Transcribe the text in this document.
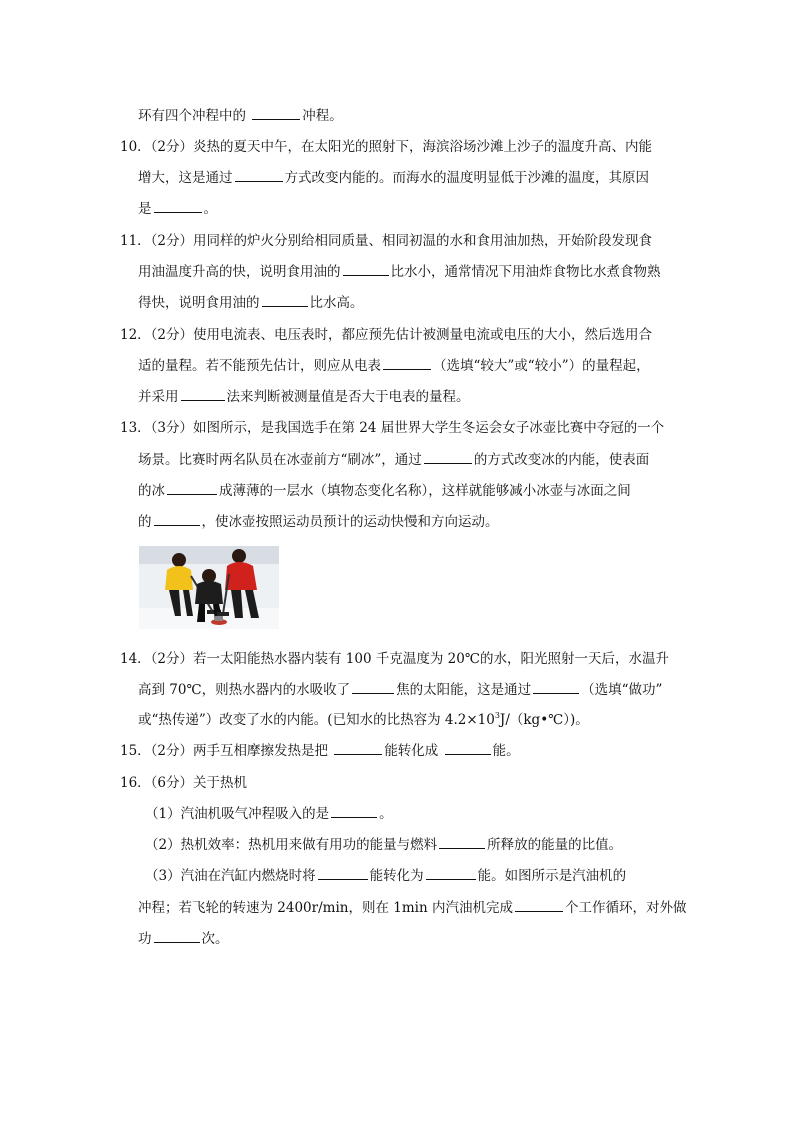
环有四个冲程中的	冲程。
10．（2分）炎热的夏天中午，在太阳光的照射下，海滨浴场沙滩上沙子的温度升高、内能
增大，这是通过	方式改变内能的。而海水的温度明显低于沙滩的温度，其原因
是	。
11．（2分）用同样的炉火分别给相同质量、相同初温的水和食用油加热，开始阶段发现食
用油温度升高的快，说明食用油的	比水小，通常情况下用油炸食物比水煮食物熟
得快，说明食用油的	比水高。
12．（2分）使用电流表、电压表时，都应预先估计被测量电流或电压的大小，然后选用合
适的量程。若不能预先估计，则应从电表	（选填“较大”或“较小”）的量程起，
并采用	法来判断被测量值是否大于电表的量程。
13．（3分）如图所示，是我国选手在第 24 届世界大学生冬运会女子冰壶比赛中夺冠的一个
场景。比赛时两名队员在冰壶前方“刷冰”，通过	的方式改变冰的内能，使表面
的冰	成薄薄的一层水（填物态变化名称），这样就能够减小冰壶与冰面之间
的	，使冰壶按照运动员预计的运动快慢和方向运动。
14．（2分）若一太阳能热水器内装有 100 千克温度为 20℃的水，阳光照射一天后，水温升
高到 70℃，则热水器内的水吸收了	焦的太阳能，这是通过	（选填“做功”
或“热传递”）改变了水的内能。(已知水的比热容为 $4.2\times 10^3J/(kg•℃)$)。
15．（2分）两手互相摩擦发热是把	能转化成	能。
16．（6分）关于热机
（1）汽油机吸气冲程吸入的是	。
（2）热机效率：热机用来做有用功的能量与燃料	所释放的能量的比值。
（3）汽油在汽缸内燃烧时将	能转化为	能。如图所示是汽油机的
冲程；若飞轮的转速为 2400r/min，则在 1min 内汽油机完成	个工作循环，对外做
功	次。
